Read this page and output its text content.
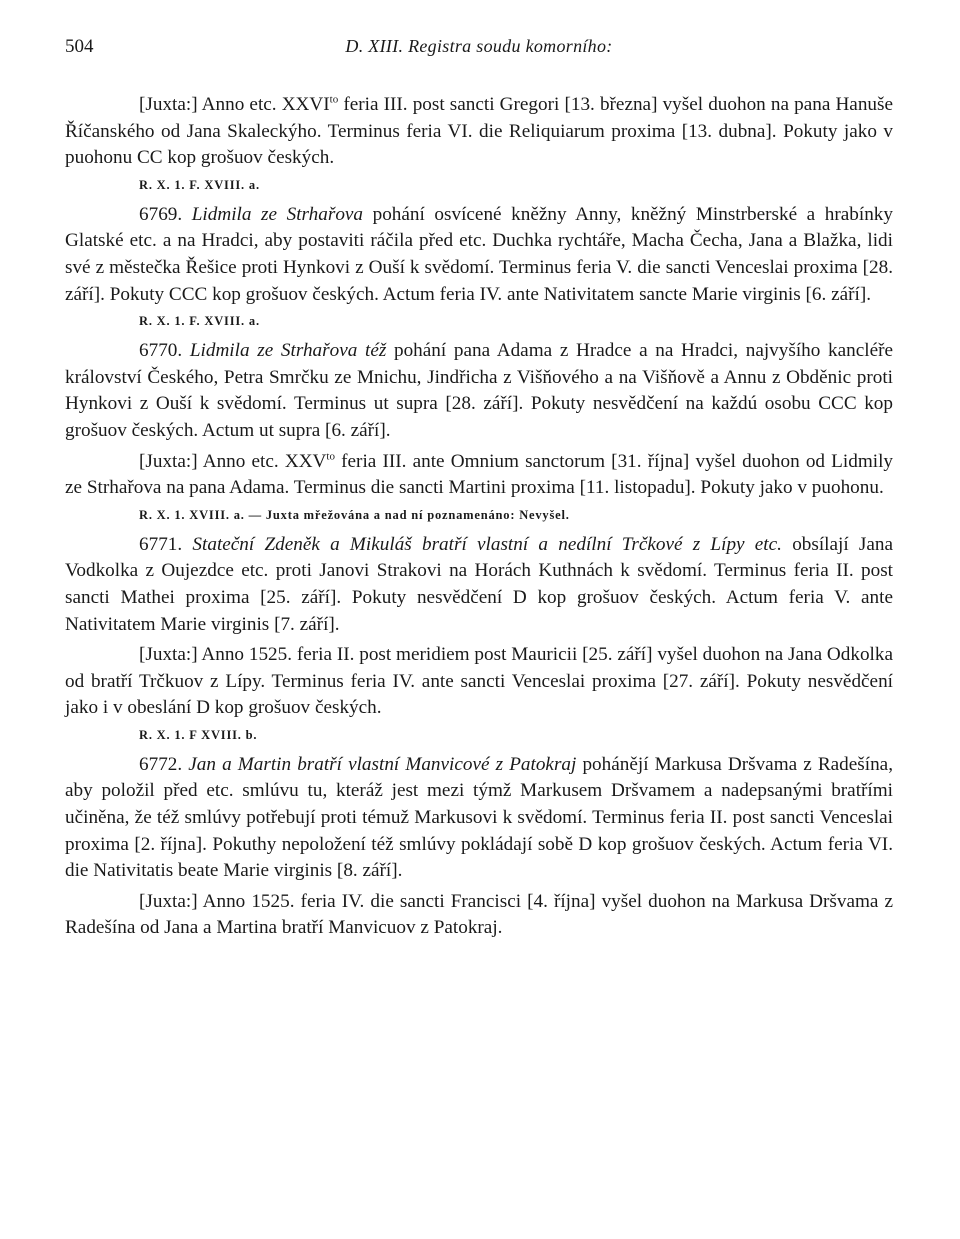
504	D. XIII. Registra soudu komorního:

[Juxta:] Anno etc. $XXVI^{to}$ feria III. post sancti Gregori [13. března] vyšel duohon na pana Hanuše Říčanského od Jana Skaleckýho. Terminus feria VI. die Reliquiarum proxima [13. dubna]. Pokuty jako v puohonu CC kop grošuov českých.

R. X. 1. F. XVIII. a.

6769. Lidmila ze Strhařova pohání osvícené kněžny Anny, kněžný Minstrberské a hrabínky Glatské etc. a na Hradci, aby postaviti ráčila před etc. Duchka rychtáře, Macha Čecha, Jana a Blažka, lidi své z městečka Řešice proti Hynkovi z Ouší k svědomí. Terminus feria V. die sancti Venceslai proxima [28. září]. Pokuty CCC kop grošuov českých. Actum feria IV. ante Nativitatem sancte Marie virginis [6. září].

R. X. 1. F. XVIII. a.

6770. Lidmila ze Strhařova též pohání pana Adama z Hradce a na Hradci, najvyšího kancléře království Českého, Petra Smrčku ze Mnichu, Jindřicha z Višňového a na Višňově a Annu z Obděnic proti Hynkovi z Ouší k svědomí. Terminus ut supra [28. září]. Pokuty nesvědčení na každú osobu CCC kop grošuov českých. Actum ut supra [6. září].

[Juxta:] Anno etc. $XXV^{to}$ feria III. ante Omnium sanctorum [31. října] vyšel duohon od Lidmily ze Strhařova na pana Adama. Terminus die sancti Martini proxima [11. listopadu]. Pokuty jako v puohonu.

R. X. 1. XVIII. a. — Juxta mřežována a nad ní poznamenáno: Nevyšel.

6771. Stateční Zdeněk a Mikuláš bratří vlastní a nedílní Trčkové z Lípy etc. obsílají Jana Vodkolka z Oujezdce etc. proti Janovi Strakovi na Horách Kuthnách k svědomí. Terminus feria II. post sancti Mathei proxima [25. září]. Pokuty nesvědčení D kop grošuov českých. Actum feria V. ante Nativitatem Marie virginis [7. září].

[Juxta:] Anno 1525. feria II. post meridiem post Mauricii [25. září] vyšel duohon na Jana Odkolka od bratří Trčkuov z Lípy. Terminus feria IV. ante sancti Venceslai proxima [27. září]. Pokuty nesvědčení jako i v obeslání D kop grošuov českých.

R. X. 1. F XVIII. b.

6772. Jan a Martin bratří vlastní Manvicové z Patokraj pohánějí Markusa Dršvama z Radešína, aby položil před etc. smlúvu tu, kteráž jest mezi týmž Markusem Dršvamem a nadepsanými bratřími učiněna, že též smlúvy potřebují proti témuž Markusovi k svědomí. Terminus feria II. post sancti Venceslai proxima [2. října]. Pokuthy nepoložení též smlúvy pokládají sobě D kop grošuov českých. Actum feria VI. die Nativitatis beate Marie virginis [8. září].

[Juxta:] Anno 1525. feria IV. die sancti Francisci [4. října] vyšel duohon na Markusa Dršvama z Radešína od Jana a Martina bratří Manvicuov z Patokraj.
